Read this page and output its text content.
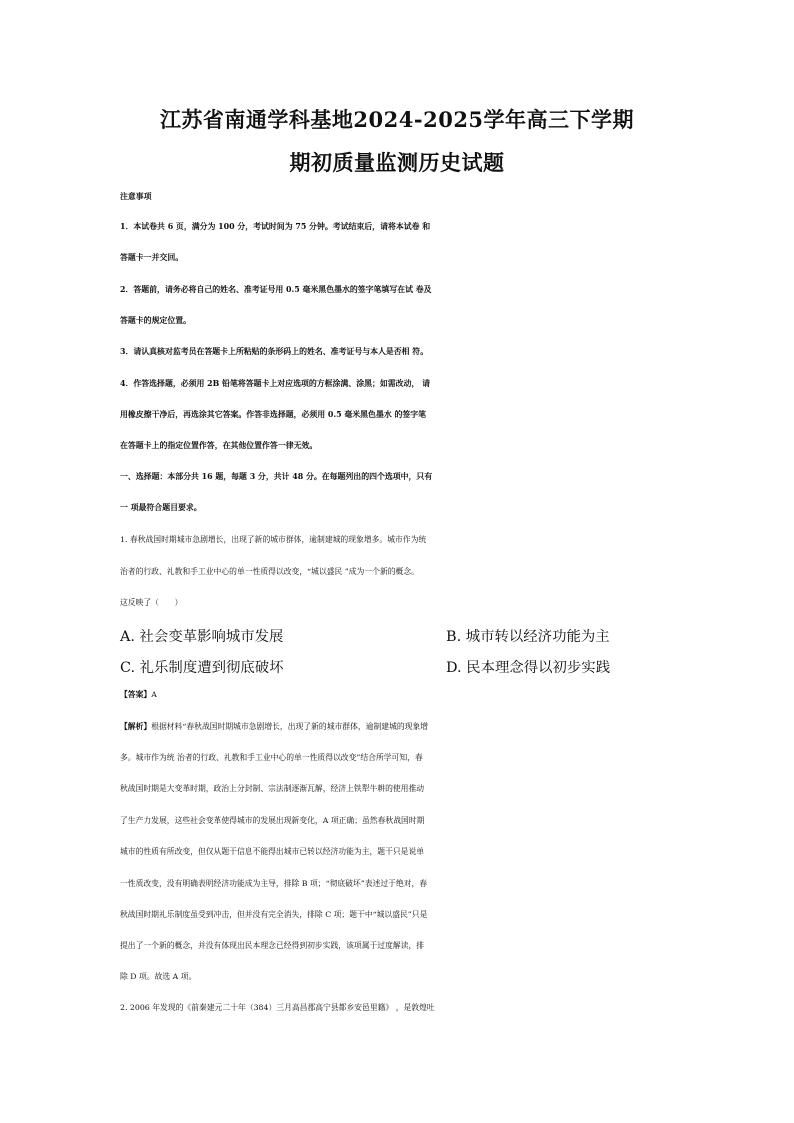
江苏省南通学科基地2024-2025学年高三下学期
期初质量监测历史试题
注意事项
1．本试卷共 6 页，满分为 100 分，考试时间为 75 分钟。考试结束后，请将本试卷 和
答题卡一并交回。
2．答题前，请务必将自己的姓名、准考证号用 0.5 毫米黑色墨水的签字笔填写在试 卷及
答题卡的规定位置。
3．请认真核对监考员在答题卡上所粘贴的条形码上的姓名、准考证号与本人是否相 符。
4．作答选择题，必须用 2B 铅笔将答题卡上对应选项的方框涂满、涂黑；如需改动， 请
用橡皮擦干净后，再选涂其它答案。作答非选择题，必须用 0.5 毫米黑色墨水 的签字笔
在答题卡上的指定位置作答，在其他位置作答一律无效。
一、选择题：本部分共 16 题，每题 3 分，共计 48 分。在每题列出的四个选项中，只有
一 项最符合题目要求。
1. 春秋战国时期城市急剧增长，出现了新的城市群体，逾制建城的现象增多。城市作为统
治者的行政、礼教和手工业中心的单一性质得以改变，“城以盛民 ”成为一个新的概念。
这反映了（　　）
A. 社会变革影响城市发展	B. 城市转以经济功能为主
C. 礼乐制度遭到彻底破坏	D. 民本理念得以初步实践
【答案】A
【解析】根据材料“春秋战国时期城市急剧增长，出现了新的城市群体，逾制建城的现象增
多。城市作为统 治者的行政、礼教和手工业中心的单一性质得以改变”结合所学可知，春
秋战国时期是大变革时期，政治上分封制、宗法制逐渐瓦解，经济上铁犁牛耕的使用推动
了生产力发展，这些社会变革使得城市的发展出现新变化，A 项正确；虽然春秋战国时期
城市的性质有所改变，但仅从题干信息不能得出城市已转以经济功能为主，题干只是说单
一性质改变，没有明确表明经济功能成为主导，排除 B 项；“彻底破坏”表述过于绝对，春
秋战国时期礼乐制度虽受到冲击，但并没有完全消失，排除 C 项；题干中“城以盛民”只是
提出了一个新的概念，并没有体现出民本理念已经得到初步实践，该项属于过度解读，排
除 D 项。故选 A 项。
2. 2006 年发现的《前秦建元二十年（384）三月高昌郡高宁县都乡安邑里籍》 ，是敦煌吐
